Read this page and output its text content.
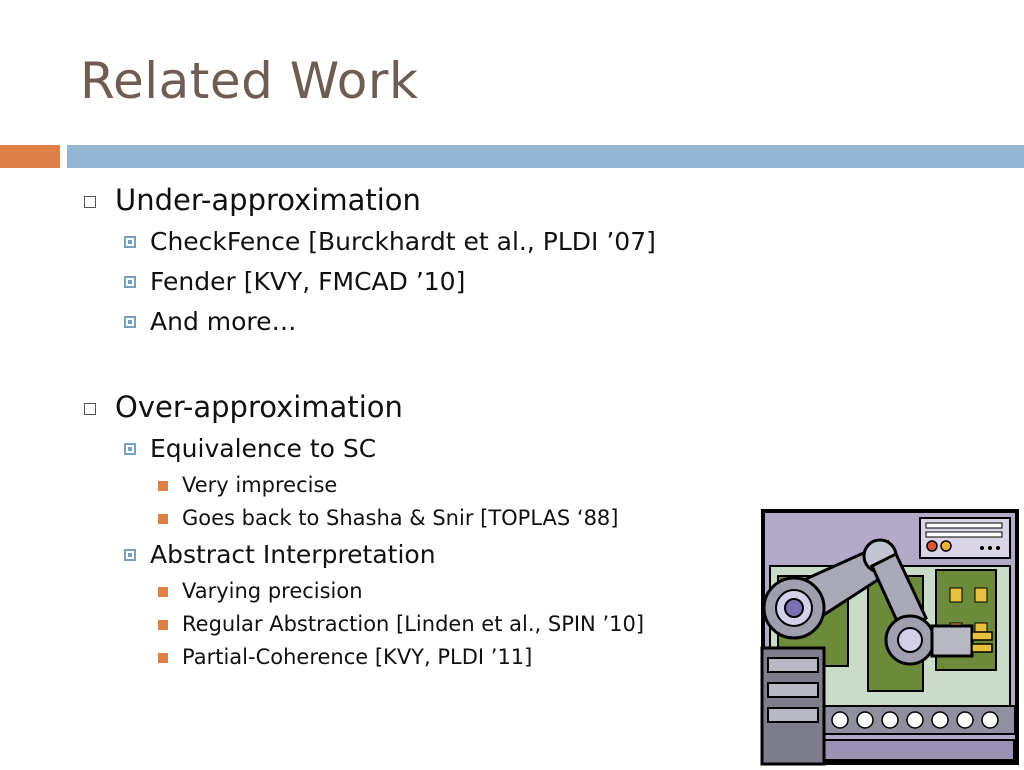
Related Work
Under-approximation
CheckFence [Burckhardt et al., PLDI ’07]
Fender [KVY, FMCAD ’10]
And more…
Over-approximation
Equivalence to SC
Very imprecise
Goes back to Shasha & Snir [TOPLAS ‘88]
Abstract Interpretation
Varying precision
Regular Abstraction [Linden et al., SPIN ’10]
Partial-Coherence [KVY, PLDI ’11]
